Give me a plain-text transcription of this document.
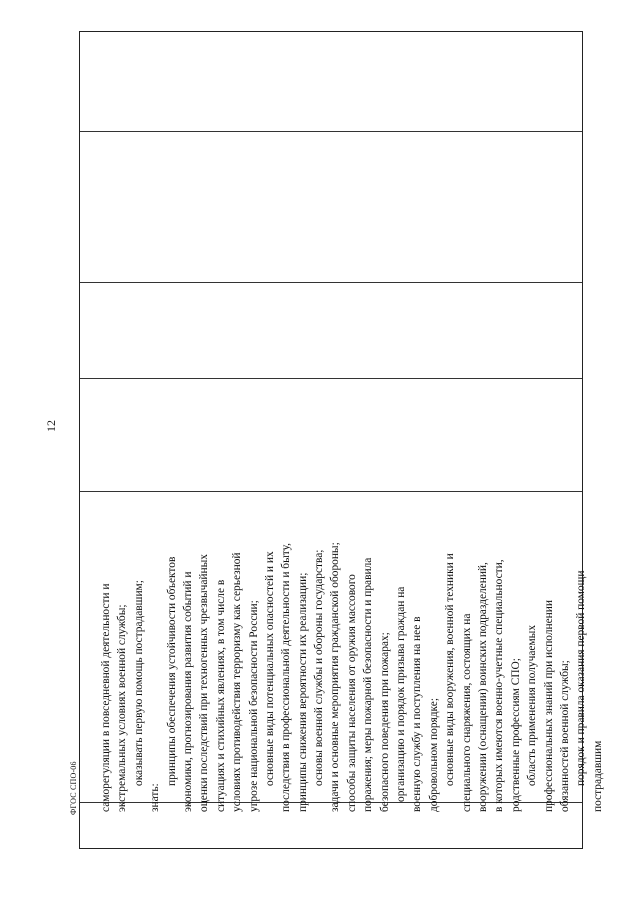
12
ФГОС СПО-06 саморегуляции в повседневной деятельности и экстремальных условиях военной службы; оказывать первую помощь пострадавшим;
знать:
принципы обеспечения устойчивости объектов экономики, прогнозирования развития событий и оценки последствий при техногенных чрезвычайных ситуациях и стихийных явлениях, в том числе в условиях противодействия терроризму как серьезной угрозе национальной безопасности России; основные виды потенциальных опасностей и их последствия в профессиональной деятельности и быту, принципы снижения вероятности их реализации; основы военной службы и обороны государства; задачи и основные мероприятия гражданской обороны; способы защиты населения от оружия массового поражения; меры пожарной безопасности и правила безопасного поведения при пожарах; организацию и порядок призыва граждан на военную службу и поступления на нее в добровольном порядке; основные виды вооружения, военной техники и специального снаряжения, состоящих на вооружении (оснащении) воинских подразделений, в которых имеются военно-учетные специальности, родственные профессиям СПО; область применения получаемых профессиональных знаний при исполнении обязанностей военной службы; порядок и правила оказания первой помощи пострадавшим
